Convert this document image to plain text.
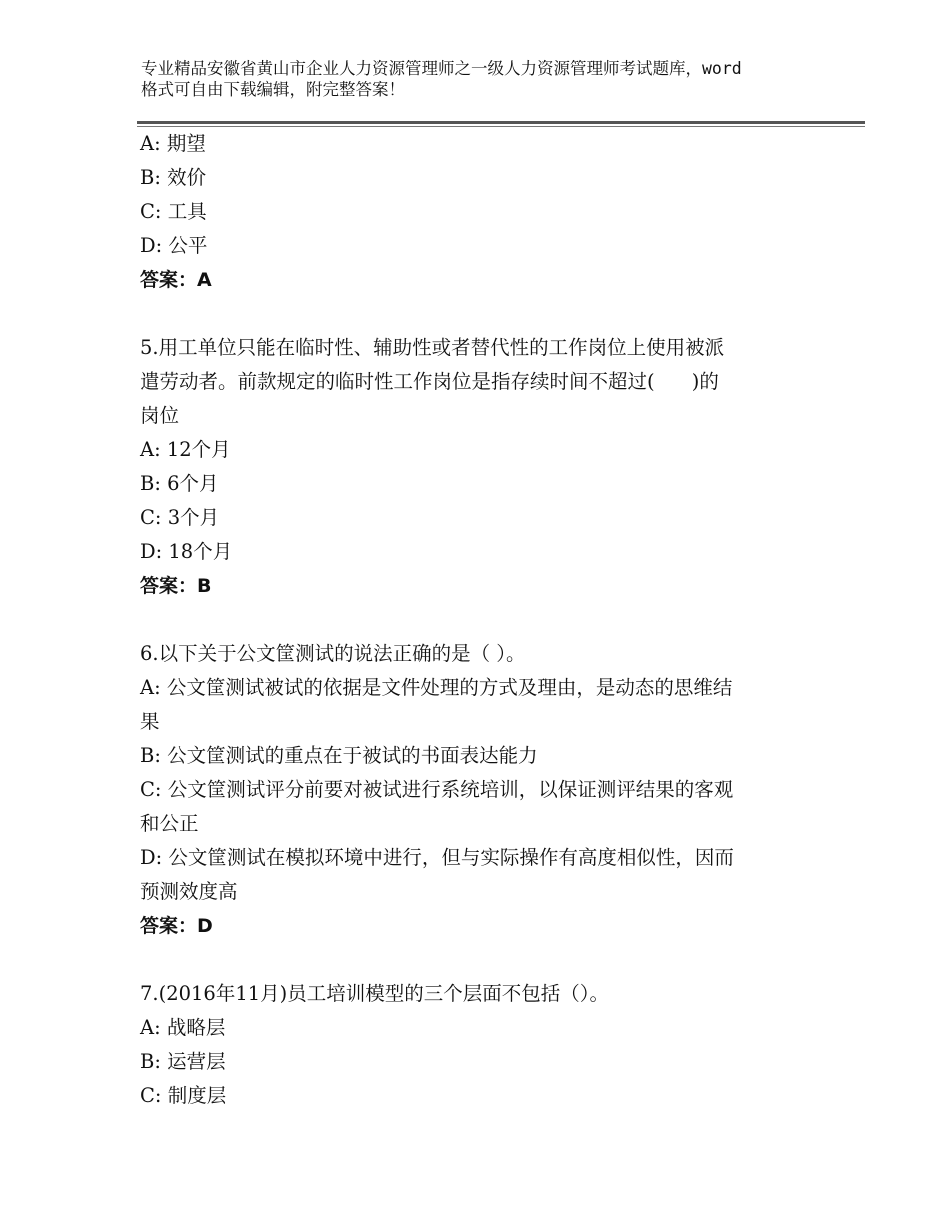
专业精品安徽省黄山市企业人力资源管理师之一级人力资源管理师考试题库，word
格式可自由下载编辑，附完整答案！
A: 期望
B: 效价
C: 工具
D: 公平
答案：A
5.用工单位只能在临时性、辅助性或者替代性的工作岗位上使用被派
遣劳动者。前款规定的临时性工作岗位是指存续时间不超过(      )的
岗位
A: 12个月
B: 6个月
C: 3个月
D: 18个月
答案：B
6.以下关于公文筐测试的说法正确的是（ ）。
A: 公文筐测试被试的依据是文件处理的方式及理由，是动态的思维结
果
B: 公文筐测试的重点在于被试的书面表达能力
C: 公文筐测试评分前要对被试进行系统培训，以保证测评结果的客观
和公正
D: 公文筐测试在模拟环境中进行，但与实际操作有高度相似性，因而
预测效度高
答案：D
7.(2016年11月)员工培训模型的三个层面不包括（）。
A: 战略层
B: 运营层
C: 制度层
